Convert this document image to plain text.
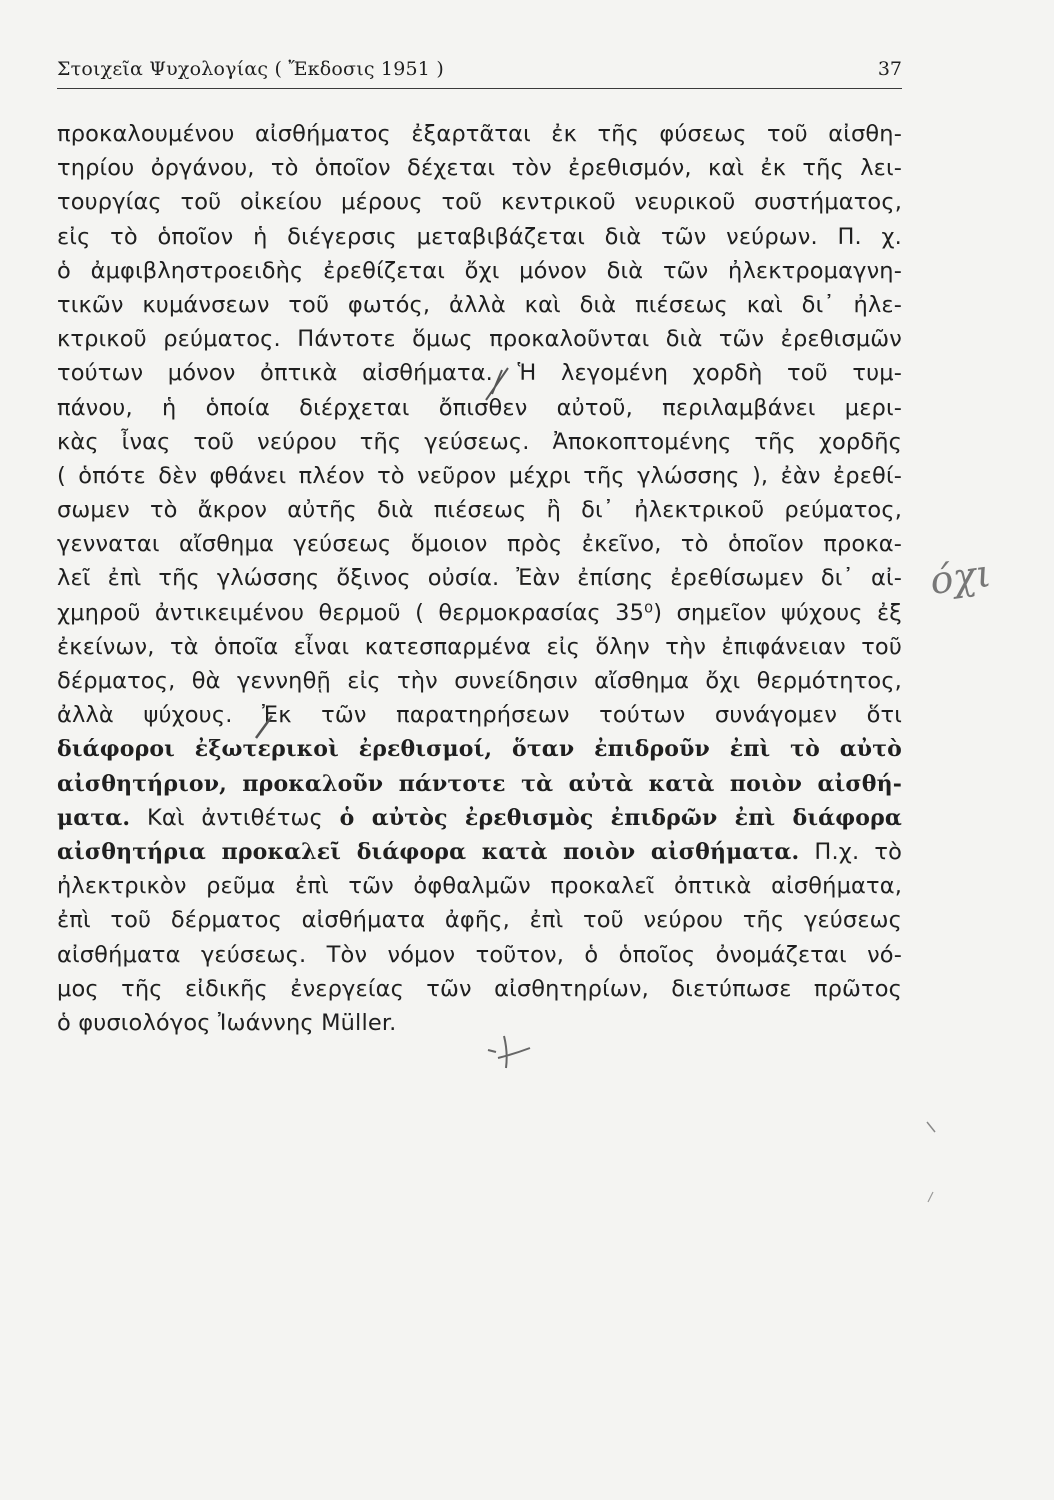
Στοιχεῖα Ψυχολογίας ( Ἔκδοσις 1951 )	37
προκαλουμένου αἰσθήματος ἐξαρτᾶται ἐκ τῆς φύσεως τοῦ αἰσθη-
τηρίου ὀργάνου, τὸ ὁποῖον δέχεται τὸν ἐρεθισμόν, καὶ ἐκ τῆς λει-
τουργίας τοῦ οἰκείου μέρους τοῦ κεντρικοῦ νευρικοῦ συστήματος,
εἰς τὸ ὁποῖον ἡ διέγερσις μεταβιβάζεται διὰ τῶν νεύρων. Π. χ.
ὁ ἀμφιβληστροειδὴς ἐρεθίζεται ὄχι μόνον διὰ τῶν ἠλεκτρομαγνη-
τικῶν κυμάνσεων τοῦ φωτός, ἀλλὰ καὶ διὰ πιέσεως καὶ δι᾿ ἠλε-
κτρικοῦ ρεύματος. Πάντοτε ὅμως προκαλοῦνται διὰ τῶν ἐρεθισμῶν
τούτων μόνον ὀπτικὰ αἰσθήματα. Ἡ λεγομένη χορδὴ τοῦ τυμ-
πάνου, ἡ ὁποία διέρχεται ὄπισθεν αὐτοῦ, περιλαμβάνει μερι-
κὰς ἶνας τοῦ νεύρου τῆς γεύσεως. Ἀποκοπτομένης τῆς χορδῆς
( ὁπότε δὲν φθάνει πλέον τὸ νεῦρον μέχρι τῆς γλώσσης ), ἐὰν ἐρεθί-
σωμεν τὸ ἄκρον αὐτῆς διὰ πιέσεως ἢ δι᾿ ἠλεκτρικοῦ ρεύματος,
γενναται αἴσθημα γεύσεως ὅμοιον πρὸς ἐκεῖνο, τὸ ὁποῖον προκα-
λεῖ ἐπὶ τῆς γλώσσης ὄξινος οὐσία. Ἐὰν ἐπίσης ἐρεθίσωμεν δι᾿ αἰ-
χμηροῦ ἀντικειμένου θερμοῦ ( θερμοκρασίας 35⁰) σημεῖον ψύχους ἐξ
ἐκείνων, τὰ ὁποῖα εἶναι κατεσπαρμένα εἰς ὅλην τὴν ἐπιφάνειαν τοῦ
δέρματος, θὰ γεννηθῇ εἰς τὴν συνείδησιν αἴσθημα ὄχι θερμότητος,
ἀλλὰ ψύχους. Ἐκ τῶν παρατηρήσεων τούτων συνάγομεν ὅτι
διάφοροι ἐξωτερικοὶ ἐρεθισμοί, ὅταν ἐπιδροῦν ἐπὶ τὸ αὐτὸ
αἰσθητήριον, προκαλοῦν πάντοτε τὰ αὐτὰ κατὰ ποιὸν αἰσθή-
ματα. Καὶ ἀντιθέτως ὁ αὐτὸς ἐρεθισμὸς ἐπιδρῶν ἐπὶ διάφορα
αἰσθητήρια προκαλεῖ διάφορα κατὰ ποιὸν αἰσθήματα. Π.χ. τὸ
ἠλεκτρικὸν ρεῦμα ἐπὶ τῶν ὀφθαλμῶν προκαλεῖ ὀπτικὰ αἰσθήματα,
ἐπὶ τοῦ δέρματος αἰσθήματα ἀφῆς, ἐπὶ τοῦ νεύρου τῆς γεύσεως
αἰσθήματα γεύσεως. Τὸν νόμον τοῦτον, ὁ ὁποῖος ὀνομάζεται νό-
μος τῆς εἰδικῆς ἐνεργείας τῶν αἰσθητηρίων, διετύπωσε πρῶτος
ὁ φυσιολόγος Ἰωάννης Müller.
όχι
